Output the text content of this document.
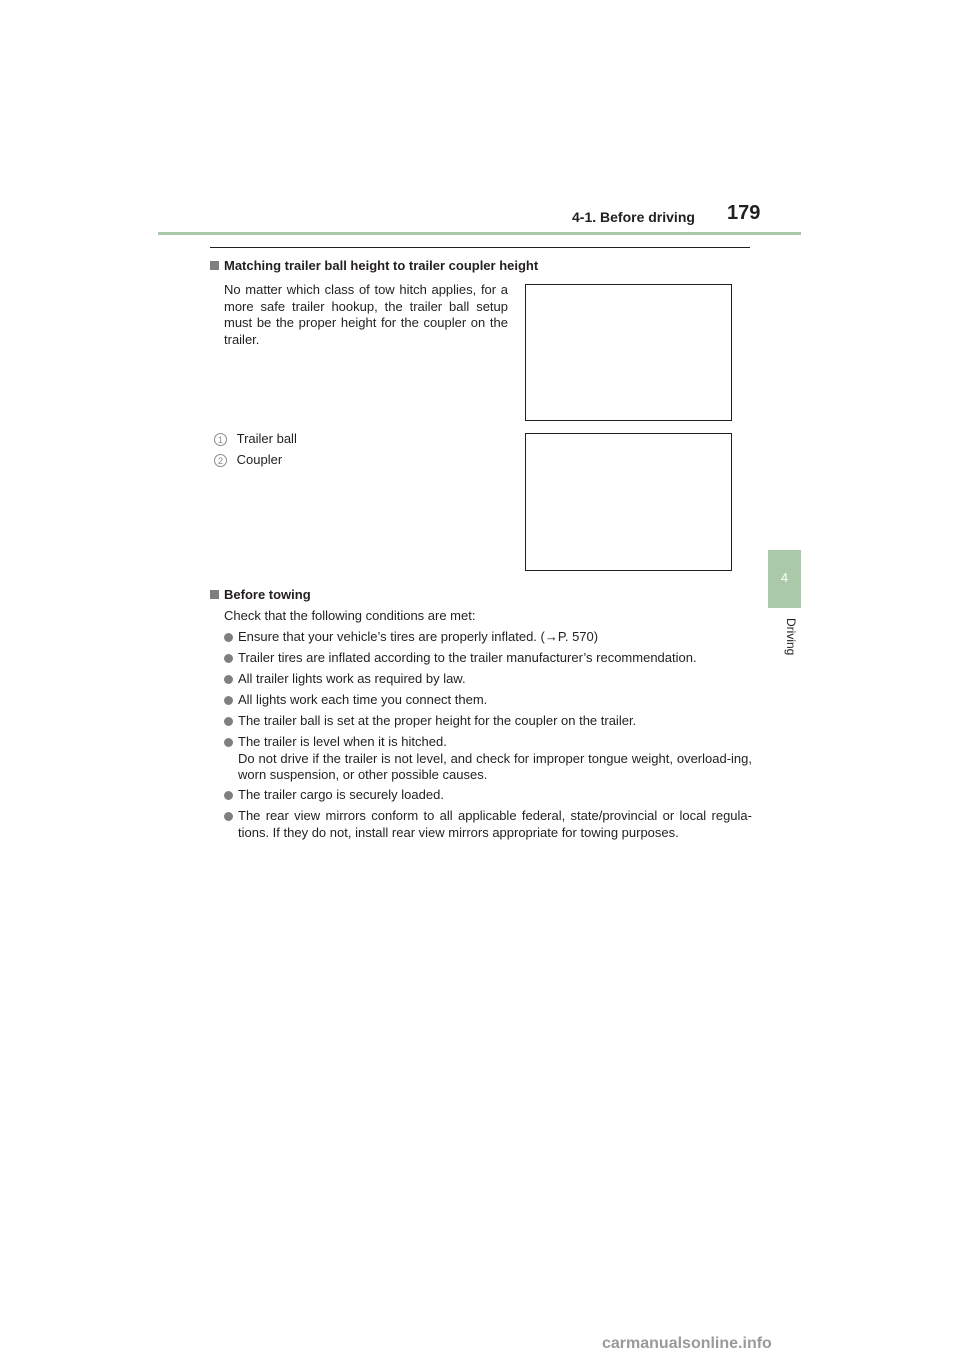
4-1. Before driving 179
4
Driving
Matching trailer ball height to trailer coupler height
No matter which class of tow hitch applies, for a more safe trailer hookup, the trailer ball setup must be the proper height for the coupler on the trailer.
1 Trailer ball
2 Coupler
Before towing
Check that the following conditions are met:
Ensure that your vehicle’s tires are properly inflated. (→P. 570)
Trailer tires are inflated according to the trailer manufacturer’s recommendation.
All trailer lights work as required by law.
All lights work each time you connect them.
The trailer ball is set at the proper height for the coupler on the trailer.
The trailer is level when it is hitched.
Do not drive if the trailer is not level, and check for improper tongue weight, overload-ing, worn suspension, or other possible causes.
The trailer cargo is securely loaded.
The rear view mirrors conform to all applicable federal, state/provincial or local regula-tions. If they do not, install rear view mirrors appropriate for towing purposes.
carmanualsonline.info
